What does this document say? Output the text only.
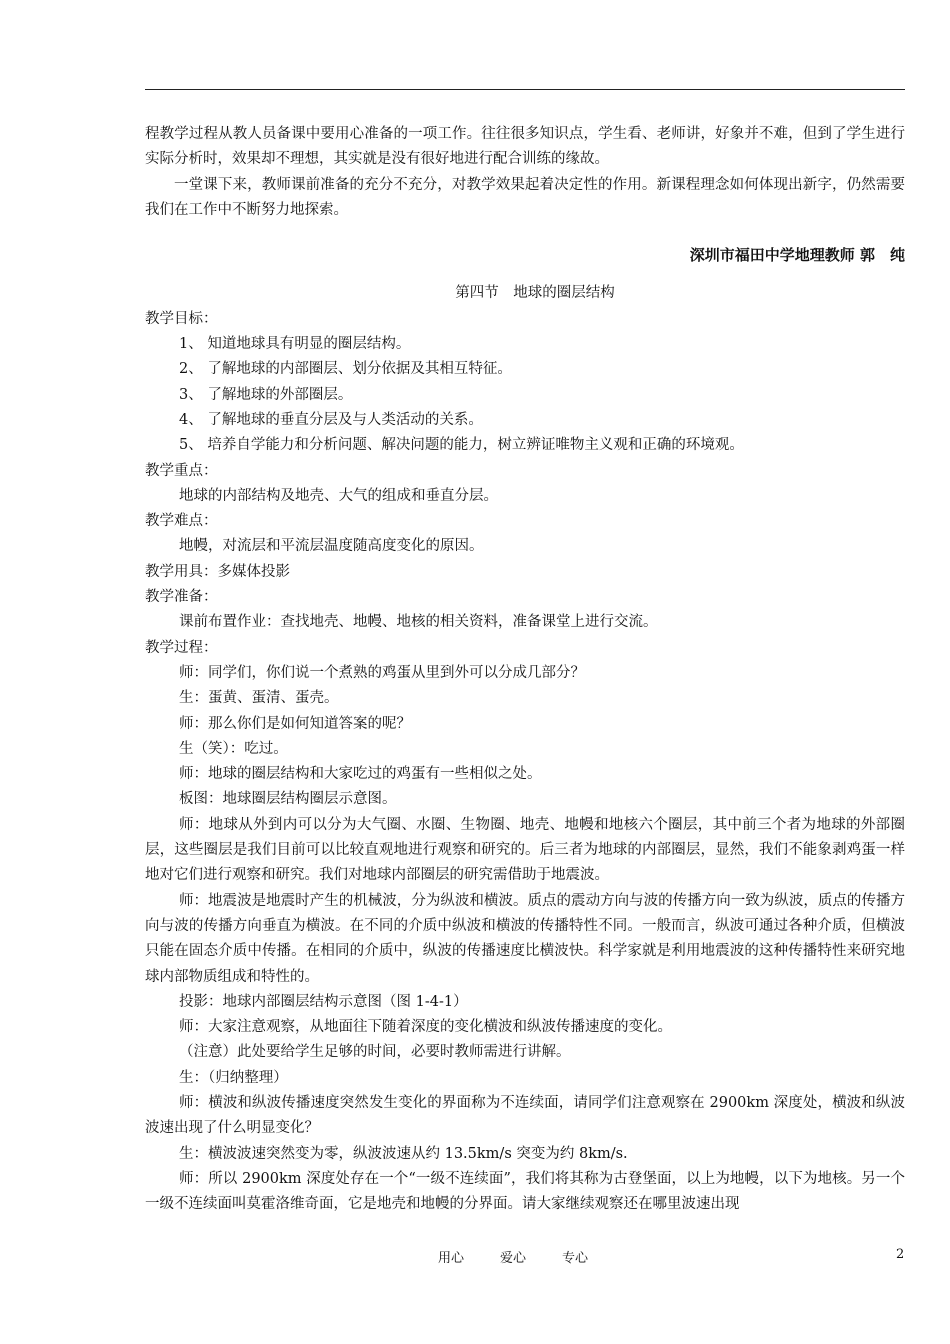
程教学过程从教人员备课中要用心准备的一项工作。往往很多知识点，学生看、老师讲，好象并不难，但到了学生进行实际分析时，效果却不理想，其实就是没有很好地进行配合训练的缘故。

一堂课下来，教师课前准备的充分不充分，对教学效果起着决定性的作用。新课程理念如何体现出新字，仍然需要我们在工作中不断努力地探索。

深圳市福田中学地理教师 郭　纯

第四节　地球的圈层结构

教学目标：

1、 知道地球具有明显的圈层结构。

2、 了解地球的内部圈层、划分依据及其相互特征。

3、 了解地球的外部圈层。

4、 了解地球的垂直分层及与人类活动的关系。

5、 培养自学能力和分析问题、解决问题的能力，树立辨证唯物主义观和正确的环境观。

教学重点：

地球的内部结构及地壳、大气的组成和垂直分层。

教学难点：

地幔，对流层和平流层温度随高度变化的原因。

教学用具：多媒体投影

教学准备：

课前布置作业：查找地壳、地幔、地核的相关资料，准备课堂上进行交流。

教学过程：

师：同学们，你们说一个煮熟的鸡蛋从里到外可以分成几部分？

生：蛋黄、蛋清、蛋壳。

师：那么你们是如何知道答案的呢？

生（笑）：吃过。

师：地球的圈层结构和大家吃过的鸡蛋有一些相似之处。

板图：地球圈层结构圈层示意图。

师：地球从外到内可以分为大气圈、水圈、生物圈、地壳、地幔和地核六个圈层，其中前三个者为地球的外部圈层，这些圈层是我们目前可以比较直观地进行观察和研究的。后三者为地球的内部圈层，显然，我们不能象剥鸡蛋一样地对它们进行观察和研究。我们对地球内部圈层的研究需借助于地震波。

师：地震波是地震时产生的机械波，分为纵波和横波。质点的震动方向与波的传播方向一致为纵波，质点的传播方向与波的传播方向垂直为横波。在不同的介质中纵波和横波的传播特性不同。一般而言，纵波可通过各种介质，但横波只能在固态介质中传播。在相同的介质中，纵波的传播速度比横波快。科学家就是利用地震波的这种传播特性来研究地球内部物质组成和特性的。

投影：地球内部圈层结构示意图（图 1-4-1）

师：大家注意观察，从地面往下随着深度的变化横波和纵波传播速度的变化。

（注意）此处要给学生足够的时间，必要时教师需进行讲解。

生：（归纳整理）

师：横波和纵波传播速度突然发生变化的界面称为不连续面，请同学们注意观察在 2900km 深度处，横波和纵波波速出现了什么明显变化？

生：横波波速突然变为零，纵波波速从约 13.5km/s 突变为约 8km/s.

师：所以 2900km 深度处存在一个“一级不连续面”，我们将其称为古登堡面，以上为地幔，以下为地核。另一个一级不连续面叫莫霍洛维奇面，它是地壳和地幔的分界面。请大家继续观察还在哪里波速出现

用心	爱心	专心	2
